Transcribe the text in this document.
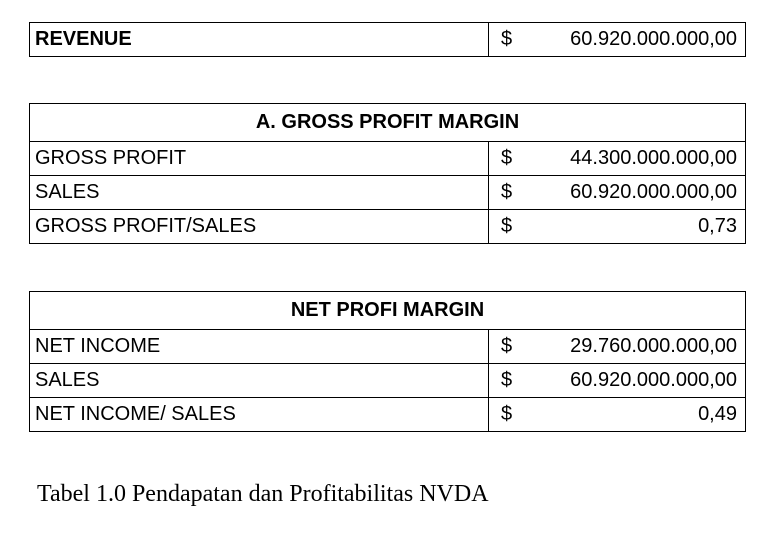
REVENUE	$	60.920.000.000,00
A. GROSS PROFIT MARGIN	
GROSS PROFIT	$ 44.300.000.000,00

SALES	$ 60.920.000.000,00

GROSS PROFIT/SALES	$ 0,73
NET PROFI MARGIN	
NET INCOME	$ 29.760.000.000,00

SALES	$ 60.920.000.000,00

NET INCOME/ SALES	$ 0,49
Tabel 1.0 Pendapatan dan Profitabilitas NVDA
